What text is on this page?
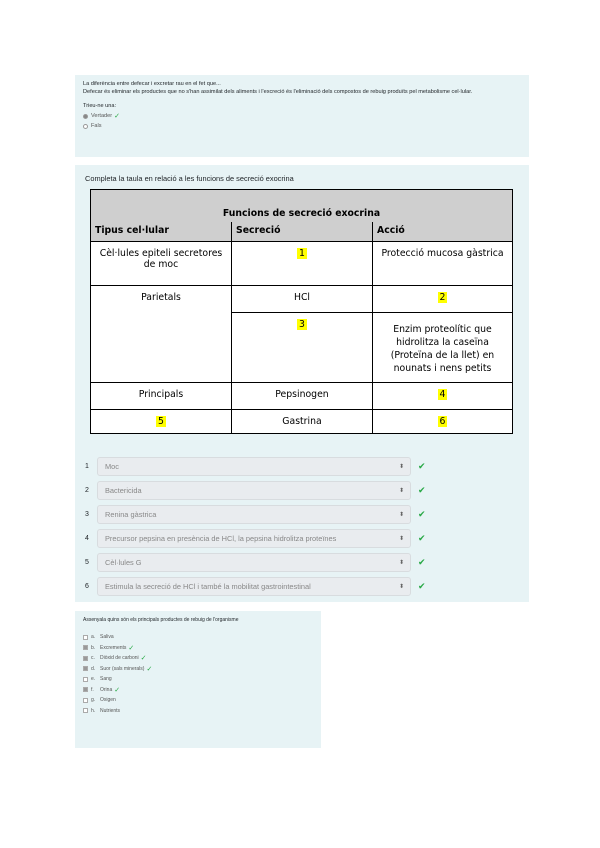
La diferència entre defecar i excretar rau en el fet que...
Defecar és eliminar els productes que no s'han assimilat dels aliments i l'excreció és l'eliminació dels compostos de rebuig produïts pel metabolisme cel·lular.
Trieu-ne una:
Vertader ✓
Fals
Completa la taula en relació a les funcions de secreció exocrina
Funcions de secreció exocrina		
Tipus cel·lular	Secreció	Acció
Cèl·lules epiteli secretores de moc	1	Protecció mucosa gàstrica
Parietals	HCl	2
	3	Enzim proteolític que hidrolitza la caseïna (Proteïna de la llet) en nounats i nens petits
Principals	Pepsinogen	4
5	Gastrina	6
1	Moc	⬍ ✔
2	Bactericida	⬍ ✔
3	Renina gàstrica	⬍ ✔
4	Precursor pepsina en presència de HCl, la pepsina hidrolitza proteïnes	⬍ ✔
5	Cèl·lules G	⬍ ✔
6	Estimula la secreció de HCl i també la mobilitat gastrointestinal	⬍ ✔
Assenyala quins són els principals productes de rebuig de l'organisme
a. Saliva
b. Excrements ✓
c.	Diòxid de carboni ✓
d. Suor (sals minerals) ✓
e. Sang
f.	Orina ✓
g. Oxigen
h. Nutrients
